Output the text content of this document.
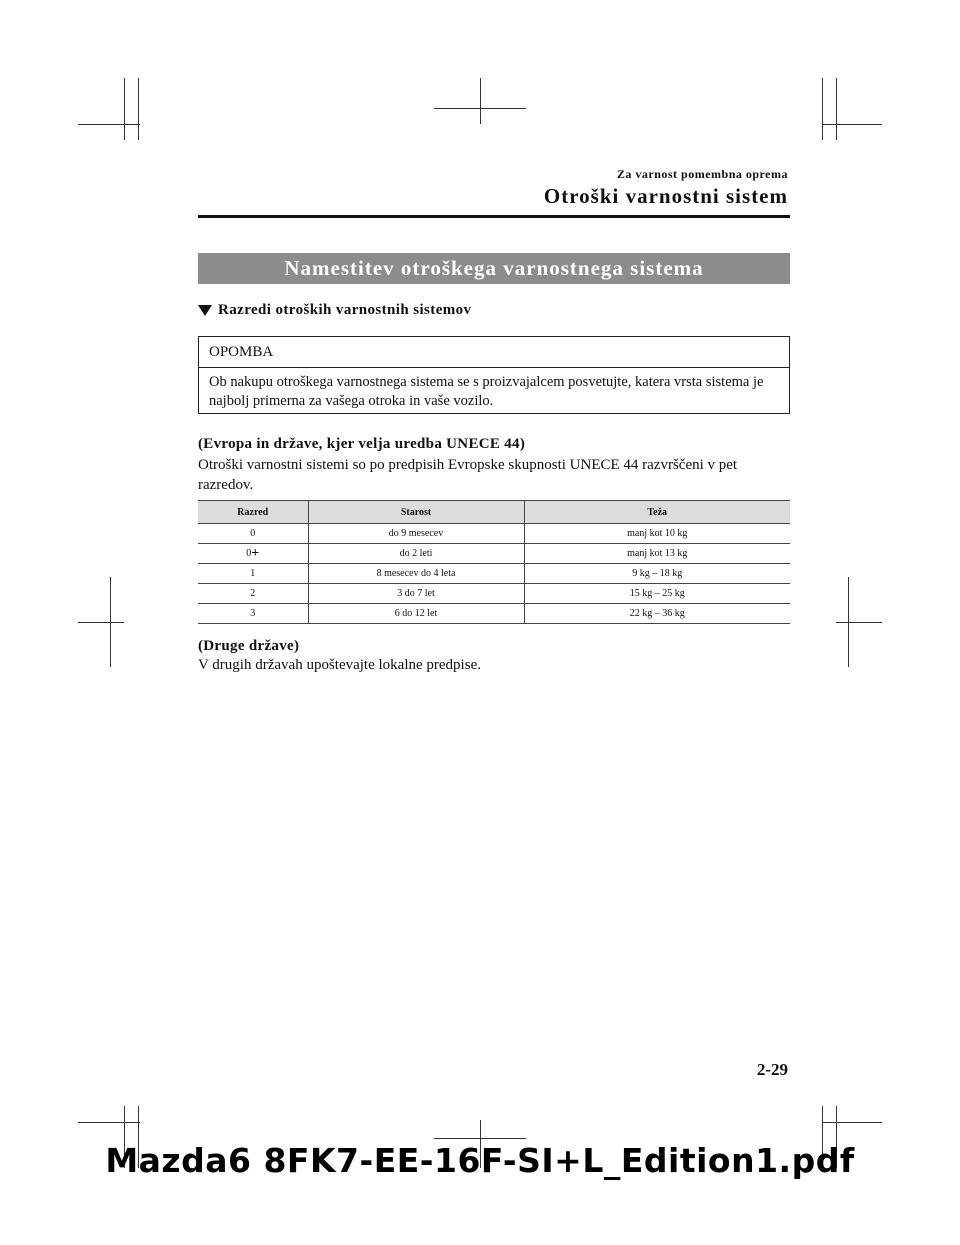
Za varnost pomembna oprema
Otroški varnostni sistem
Namestitev otroškega varnostnega sistema
Razredi otroških varnostnih sistemov
OPOMBA
Ob nakupu otroškega varnostnega sistema se s proizvajalcem posvetujte, katera vrsta sistema je najbolj primerna za vašega otroka in vaše vozilo.
(Evropa in države, kjer velja uredba UNECE 44)
Otroški varnostni sistemi so po predpisih Evropske skupnosti UNECE 44 razvrščeni v pet razredov.
Razred	Starost	Teža
0	do 9 mesecev	manj kot 10 kg
0+	do 2 leti	manj kot 13 kg
1	8 mesecev do 4 leta	9 kg – 18 kg
2	3 do 7 let	15 kg – 25 kg
3	6 do 12 let	22 kg – 36 kg
(Druge države)
V drugih državah upoštevajte lokalne predpise.
2-29
Mazda6 8FK7-EE-16F-SI+L_Edition1.pdf
